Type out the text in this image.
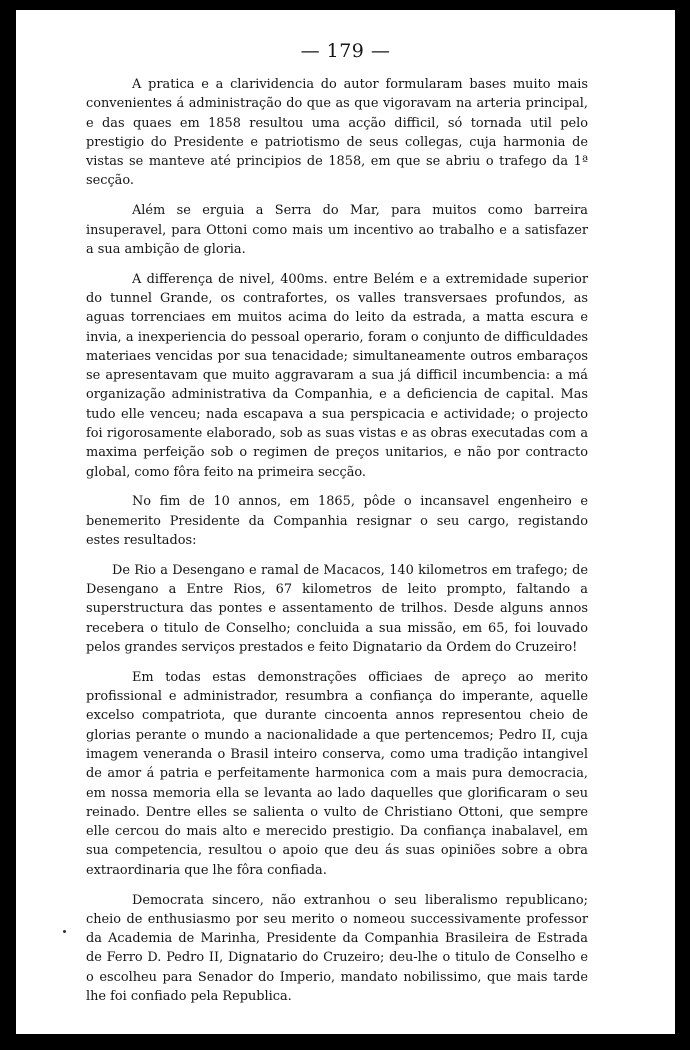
— 179 —

A pratica e a clarividencia do autor formularam bases muito mais convenientes á administração do que as que vigoravam na arteria principal, e das quaes em 1858 resultou uma acção difficil, só tornada util pelo prestigio do Presidente e patriotismo de seus collegas, cuja harmonia de vistas se manteve até principios de 1858, em que se abriu o trafego da 1ª secção.

Além se erguia a Serra do Mar, para muitos como barreira insuperavel, para Ottoni como mais um incentivo ao trabalho e a satisfazer a sua ambição de gloria.

A differença de nivel, 400ms. entre Belém e a extremidade superior do tunnel Grande, os contrafortes, os valles transversaes profundos, as aguas torrenciaes em muitos acima do leito da estrada, a matta escura e invia, a inexperiencia do pessoal operario, foram o conjunto de difficuldades materiaes vencidas por sua tenacidade; simultaneamente outros embaraços se apresentavam que muito aggravaram a sua já difficil incumbencia: a má organização administrativa da Companhia, e a deficiencia de capital. Mas tudo elle venceu; nada escapava a sua perspicacia e actividade; o projecto foi rigorosamente elaborado, sob as suas vistas e as obras executadas com a maxima perfeição sob o regimen de preços unitarios, e não por contracto global, como fôra feito na primeira secção.

No fim de 10 annos, em 1865, pôde o incansavel engenheiro e benemerito Presidente da Companhia resignar o seu cargo, registando estes resultados:

De Rio a Desengano e ramal de Macacos, 140 kilometros em trafego; de Desengano a Entre Rios, 67 kilometros de leito prompto, faltando a superstructura das pontes e assentamento de trilhos. Desde alguns annos recebera o titulo de Conselho; concluida a sua missão, em 65, foi louvado pelos grandes serviços prestados e feito Dignatario da Ordem do Cruzeiro!

Em todas estas demonstrações officiaes de apreço ao merito profissional e administrador, resumbra a confiança do imperante, aquelle excelso compatriota, que durante cincoenta annos representou cheio de glorias perante o mundo a nacionalidade a que pertencemos; Pedro II, cuja imagem veneranda o Brasil inteiro conserva, como uma tradição intangivel de amor á patria e perfeitamente harmonica com a mais pura democracia, em nossa memoria ella se levanta ao lado daquelles que glorificaram o seu reinado. Dentre elles se salienta o vulto de Christiano Ottoni, que sempre elle cercou do mais alto e merecido prestigio. Da confiança inabalavel, em sua competencia, resultou o apoio que deu ás suas opiniões sobre a obra extraordinaria que lhe fôra confiada.

Democrata sincero, não extranhou o seu liberalismo republicano; cheio de enthusiasmo por seu merito o nomeou successivamente professor da Academia de Marinha, Presidente da Companhia Brasileira de Estrada de Ferro D. Pedro II, Dignatario do Cruzeiro; deu-lhe o titulo de Conselho e o escolheu para Senador do Imperio, mandato nobilissimo, que mais tarde lhe foi confiado pela Republica.
